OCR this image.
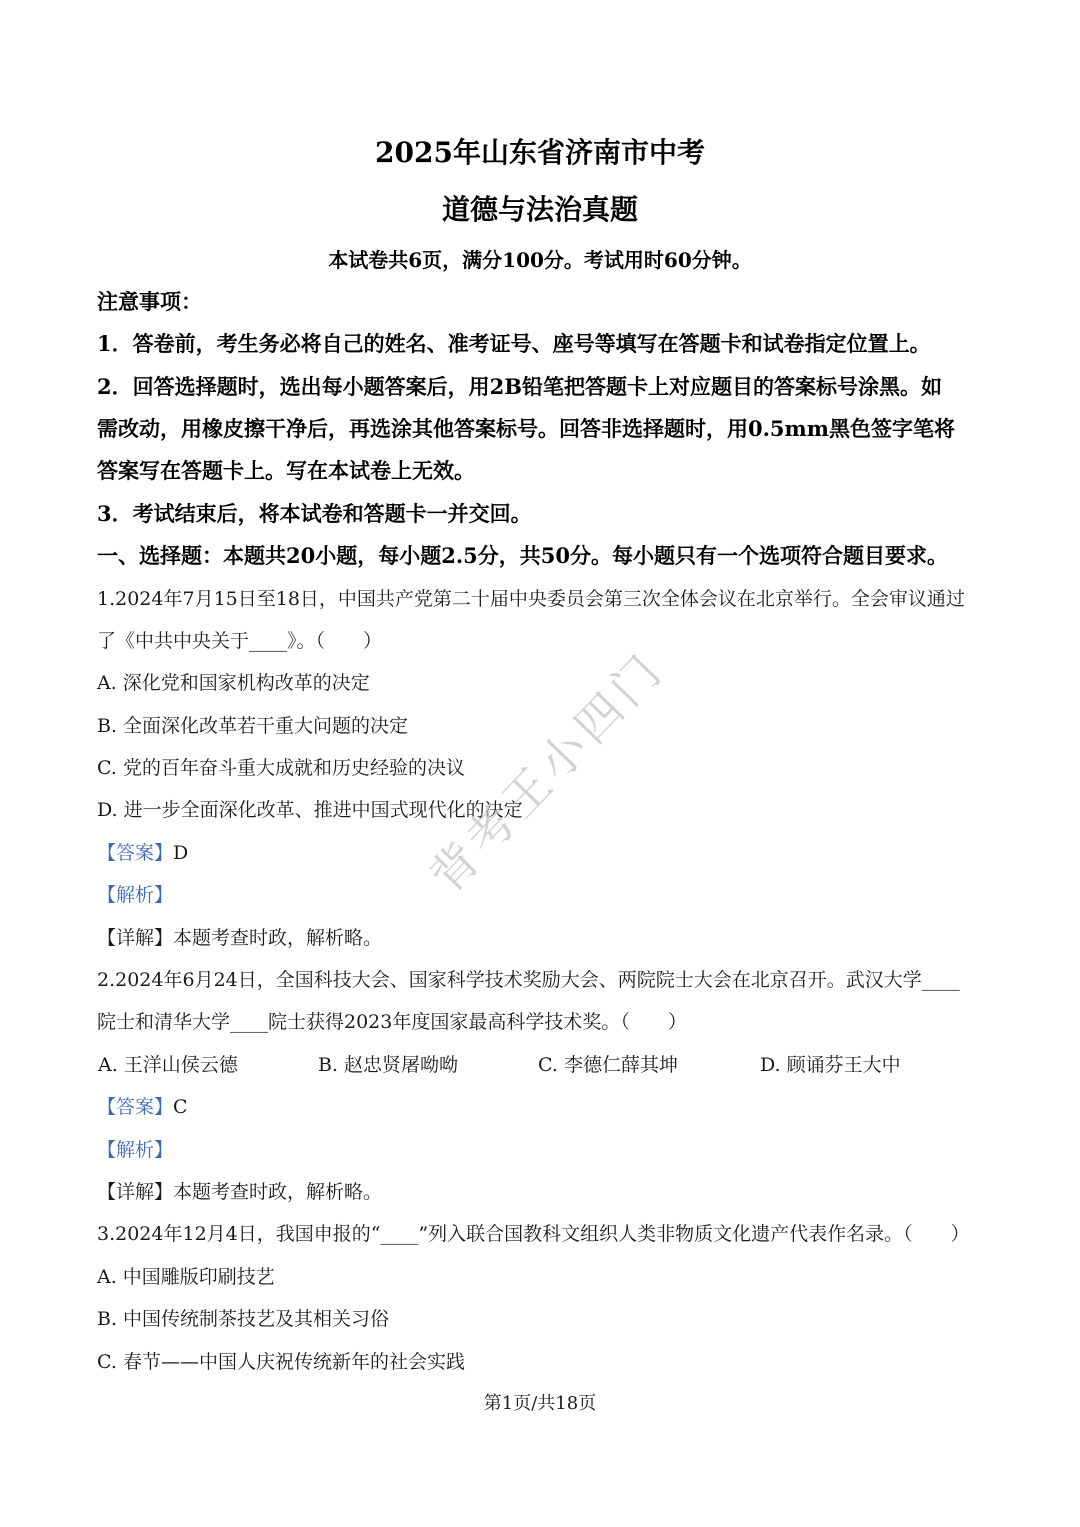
2025年山东省济南市中考
道德与法治真题
本试卷共6页，满分100分。考试用时60分钟。
注意事项：
1．答卷前，考生务必将自己的姓名、准考证号、座号等填写在答题卡和试卷指定位置上。
2．回答选择题时，选出每小题答案后，用2B铅笔把答题卡上对应题目的答案标号涂黑。如
需改动，用橡皮擦干净后，再选涂其他答案标号。回答非选择题时，用0.5mm黑色签字笔将
答案写在答题卡上。写在本试卷上无效。
3．考试结束后，将本试卷和答题卡一并交回。
一、选择题：本题共20小题，每小题2.5分，共50分。每小题只有一个选项符合题目要求。
1.2024年7月15日至18日，中国共产党第二十届中央委员会第三次全体会议在北京举行。全会审议通过
了《中共中央关于____》。（　　）
A. 深化党和国家机构改革的决定
B. 全面深化改革若干重大问题的决定
C. 党的百年奋斗重大成就和历史经验的决议
D. 进一步全面深化改革、推进中国式现代化的决定
【答案】D
【解析】
【详解】本题考查时政，解析略。
2.2024年6月24日，全国科技大会、国家科学技术奖励大会、两院院士大会在北京召开。武汉大学____
院士和清华大学____院士获得2023年度国家最高科学技术奖。（　　）
A. 王洋山侯云德	B. 赵忠贤屠呦呦	C. 李德仁薛其坤	D. 顾诵芬王大中
【答案】C
【解析】
【详解】本题考查时政，解析略。
3.2024年12月4日，我国申报的“____”列入联合国教科文组织人类非物质文化遗产代表作名录。（　　）
A. 中国雕版印刷技艺
B. 中国传统制茶技艺及其相关习俗
C. 春节——中国人庆祝传统新年的社会实践
第1页/共18页
背考王小四门
